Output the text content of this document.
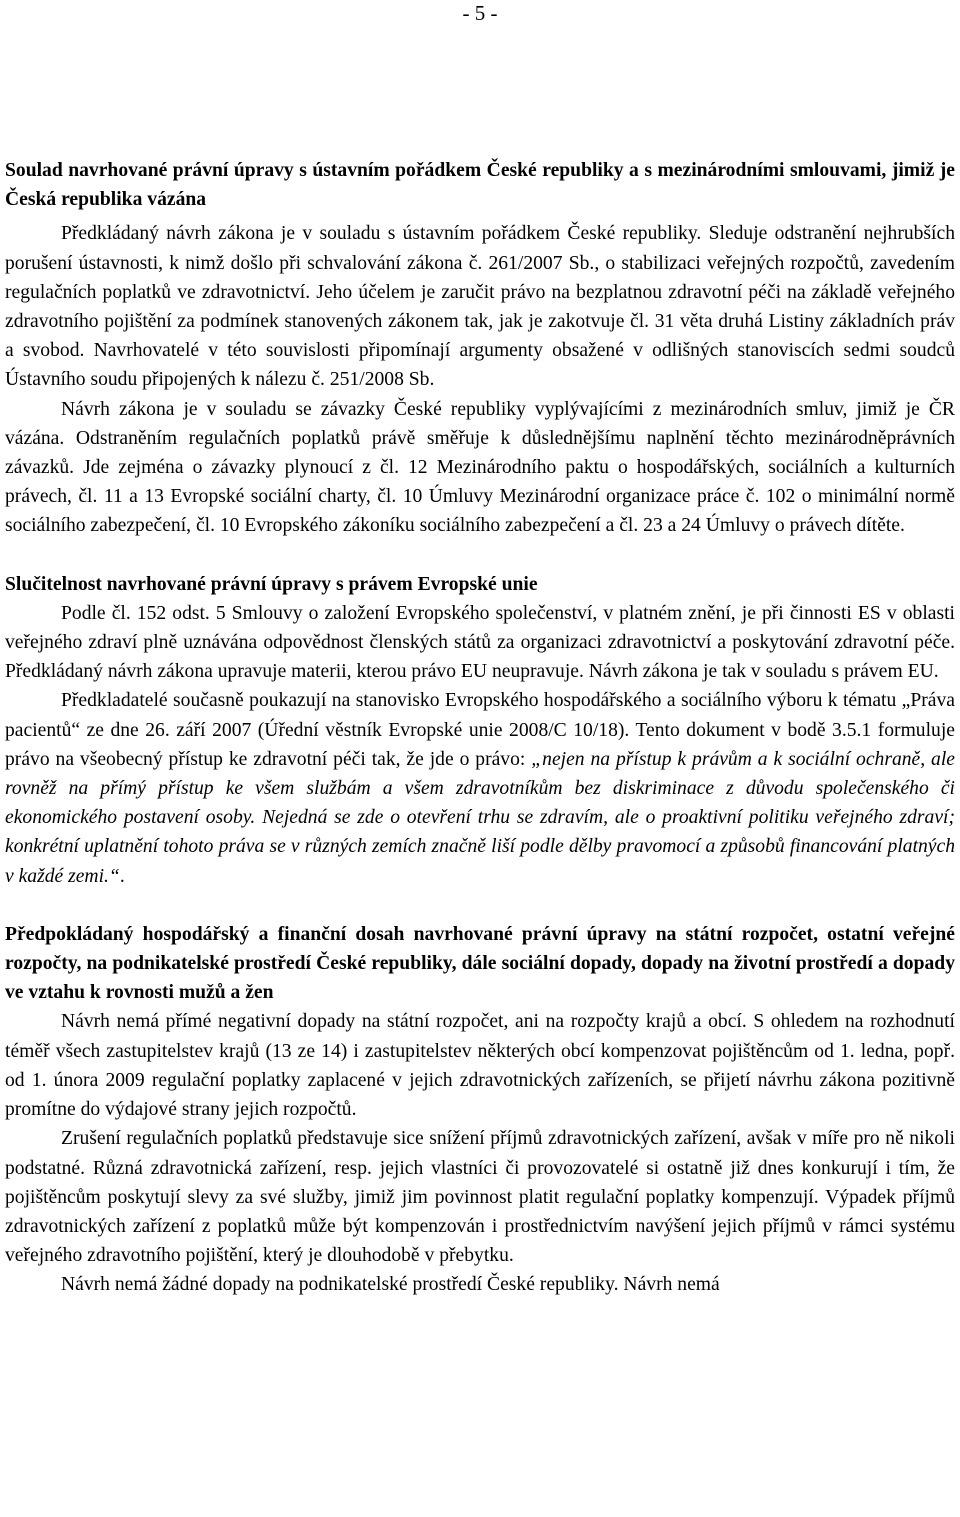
- 5 -

Soulad navrhované právní úpravy s ústavním pořádkem České republiky a s mezinárodními smlouvami, jimiž je Česká republika vázána

Předkládaný návrh zákona je v souladu s ústavním pořádkem České republiky. Sleduje odstranění nejhrubších porušení ústavnosti, k nimž došlo při schvalování zákona č. 261/2007 Sb., o stabilizaci veřejných rozpočtů, zavedením regulačních poplatků ve zdravotnictví. Jeho účelem je zaručit právo na bezplatnou zdravotní péči na základě veřejného zdravotního pojištění za podmínek stanovených zákonem tak, jak je zakotvuje čl. 31 věta druhá Listiny základních práv a svobod. Navrhovatelé v této souvislosti připomínají argumenty obsažené v odlišných stanoviscích sedmi soudců Ústavního soudu připojených k nálezu č. 251/2008 Sb.

Návrh zákona je v souladu se závazky České republiky vyplývajícími z mezinárodních smluv, jimiž je ČR vázána. Odstraněním regulačních poplatků právě směřuje k důslednějšímu naplnění těchto mezinárodněprávních závazků. Jde zejména o závazky plynoucí z čl. 12 Mezinárodního paktu o hospodářských, sociálních a kulturních právech, čl. 11 a 13 Evropské sociální charty, čl. 10 Úmluvy Mezinárodní organizace práce č. 102 o minimální normě sociálního zabezpečení, čl. 10 Evropského zákoníku sociálního zabezpečení a čl. 23 a 24 Úmluvy o právech dítěte.

Slučitelnost navrhované právní úpravy s právem Evropské unie

Podle čl. 152 odst. 5 Smlouvy o založení Evropského společenství, v platném znění, je při činnosti ES v oblasti veřejného zdraví plně uznávána odpovědnost členských států za organizaci zdravotnictví a poskytování zdravotní péče. Předkládaný návrh zákona upravuje materii, kterou právo EU neupravuje. Návrh zákona je tak v souladu s právem EU.

Předkladatelé současně poukazují na stanovisko Evropského hospodářského a sociálního výboru k tématu „Práva pacientů“ ze dne 26. září 2007 (Úřední věstník Evropské unie 2008/C 10/18). Tento dokument v bodě 3.5.1 formuluje právo na všeobecný přístup ke zdravotní péči tak, že jde o právo: „nejen na přístup k právům a k sociální ochraně, ale rovněž na přímý přístup ke všem službám a všem zdravotníkům bez diskriminace z důvodu společenského či ekonomického postavení osoby. Nejedná se zde o otevření trhu se zdravím, ale o proaktivní politiku veřejného zdraví; konkrétní uplatnění tohoto práva se v různých zemích značně liší podle dělby pravomocí a způsobů financování platných v každé zemi.“.

Předpokládaný hospodářský a finanční dosah navrhované právní úpravy na státní rozpočet, ostatní veřejné rozpočty, na podnikatelské prostředí České republiky, dále sociální dopady, dopady na životní prostředí a dopady ve vztahu k rovnosti mužů a žen

Návrh nemá přímé negativní dopady na státní rozpočet, ani na rozpočty krajů a obcí. S ohledem na rozhodnutí téměř všech zastupitelstev krajů (13 ze 14) i zastupitelstev některých obcí kompenzovat pojištěncům od 1. ledna, popř. od 1. února 2009 regulační poplatky zaplacené v jejich zdravotnických zařízeních, se přijetí návrhu zákona pozitivně promítne do výdajové strany jejich rozpočtů.

Zrušení regulačních poplatků představuje sice snížení příjmů zdravotnických zařízení, avšak v míře pro ně nikoli podstatné. Různá zdravotnická zařízení, resp. jejich vlastníci či provozovatelé si ostatně již dnes konkurují i tím, že pojištěncům poskytují slevy za své služby, jimiž jim povinnost platit regulační poplatky kompenzují. Výpadek příjmů zdravotnických zařízení z poplatků může být kompenzován i prostřednictvím navýšení jejich příjmů v rámci systému veřejného zdravotního pojištění, který je dlouhodobě v přebytku.

Návrh nemá žádné dopady na podnikatelské prostředí České republiky. Návrh nemá
